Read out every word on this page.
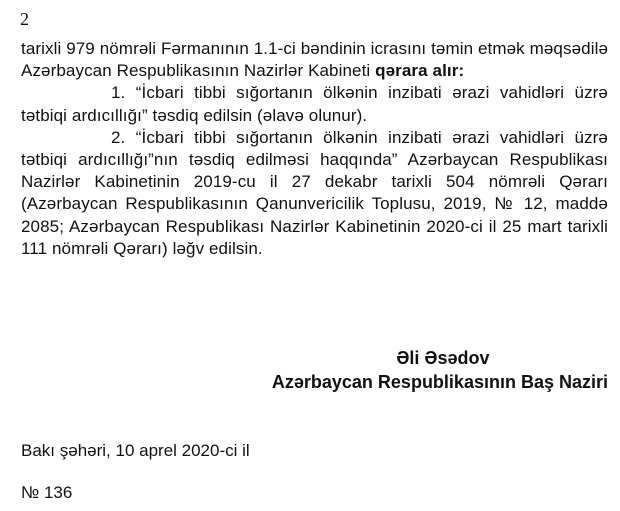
2

tarixli 979 nömrəli Fərmanının 1.1-ci bəndinin icrasını təmin etmək məqsədilə Azərbaycan Respublikasının Nazirlər Kabineti qərara alır:

1. “İcbari tibbi sığortanın ölkənin inzibati ərazi vahidləri üzrə tətbiqi ardıcıllığı” təsdiq edilsin (əlavə olunur).

2. “İcbari tibbi sığortanın ölkənin inzibati ərazi vahidləri üzrə tətbiqi ardıcıllığı”nın təsdiq edilməsi haqqında” Azərbaycan Respublikası Nazirlər Kabinetinin 2019-cu il 27 dekabr tarixli 504 nömrəli Qərarı (Azərbaycan Respublikasının Qanunvericilik Toplusu, 2019, № 12, maddə 2085; Azərbaycan Respublikası Nazirlər Kabinetinin 2020-ci il 25 mart tarixli 111 nömrəli Qərarı) ləğv edilsin.

Əli Əsədov
Azərbaycan Respublikasının Baş Naziri
Bakı şəhəri, 10 aprel 2020-ci il
№ 136
